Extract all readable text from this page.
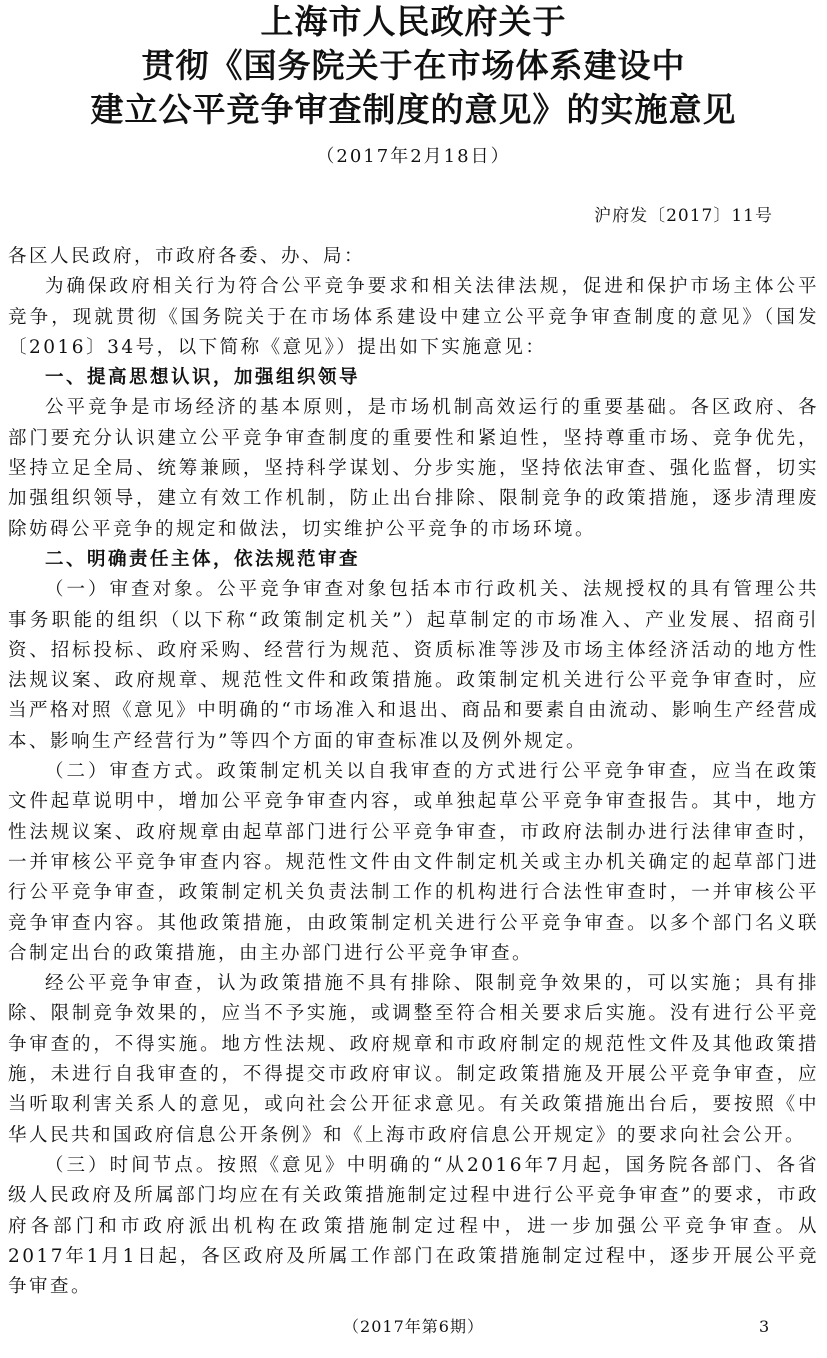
上海市人民政府关于
贯彻《国务院关于在市场体系建设中
建立公平竞争审查制度的意见》的实施意见
（2017年2月18日）
沪府发〔2017〕11号

各区人民政府，市政府各委、办、局：

为确保政府相关行为符合公平竞争要求和相关法律法规，促进和保护市场主体公平竞争，现就贯彻《国务院关于在市场体系建设中建立公平竞争审查制度的意见》（国发〔2016〕34号，以下简称《意见》）提出如下实施意见：

一、提高思想认识，加强组织领导

公平竞争是市场经济的基本原则，是市场机制高效运行的重要基础。各区政府、各部门要充分认识建立公平竞争审查制度的重要性和紧迫性，坚持尊重市场、竞争优先，坚持立足全局、统筹兼顾，坚持科学谋划、分步实施，坚持依法审查、强化监督，切实加强组织领导，建立有效工作机制，防止出台排除、限制竞争的政策措施，逐步清理废除妨碍公平竞争的规定和做法，切实维护公平竞争的市场环境。

二、明确责任主体，依法规范审查

（一）审查对象。公平竞争审查对象包括本市行政机关、法规授权的具有管理公共事务职能的组织（以下称“政策制定机关”）起草制定的市场准入、产业发展、招商引资、招标投标、政府采购、经营行为规范、资质标准等涉及市场主体经济活动的地方性法规议案、政府规章、规范性文件和政策措施。政策制定机关进行公平竞争审查时，应当严格对照《意见》中明确的“市场准入和退出、商品和要素自由流动、影响生产经营成本、影响生产经营行为”等四个方面的审查标准以及例外规定。

（二）审查方式。政策制定机关以自我审查的方式进行公平竞争审查，应当在政策文件起草说明中，增加公平竞争审查内容，或单独起草公平竞争审查报告。其中，地方性法规议案、政府规章由起草部门进行公平竞争审查，市政府法制办进行法律审查时，一并审核公平竞争审查内容。规范性文件由文件制定机关或主办机关确定的起草部门进行公平竞争审查，政策制定机关负责法制工作的机构进行合法性审查时，一并审核公平竞争审查内容。其他政策措施，由政策制定机关进行公平竞争审查。以多个部门名义联合制定出台的政策措施，由主办部门进行公平竞争审查。

经公平竞争审查，认为政策措施不具有排除、限制竞争效果的，可以实施；具有排除、限制竞争效果的，应当不予实施，或调整至符合相关要求后实施。没有进行公平竞争审查的，不得实施。地方性法规、政府规章和市政府制定的规范性文件及其他政策措施，未进行自我审查的，不得提交市政府审议。制定政策措施及开展公平竞争审查，应当听取利害关系人的意见，或向社会公开征求意见。有关政策措施出台后，要按照《中华人民共和国政府信息公开条例》和《上海市政府信息公开规定》的要求向社会公开。

（三）时间节点。按照《意见》中明确的“从2016年7月起，国务院各部门、各省级人民政府及所属部门均应在有关政策措施制定过程中进行公平竞争审查”的要求，市政府各部门和市政府派出机构在政策措施制定过程中，进一步加强公平竞争审查。从2017年1月1日起，各区政府及所属工作部门在政策措施制定过程中，逐步开展公平竞争审查。

（2017年第6期）	3
